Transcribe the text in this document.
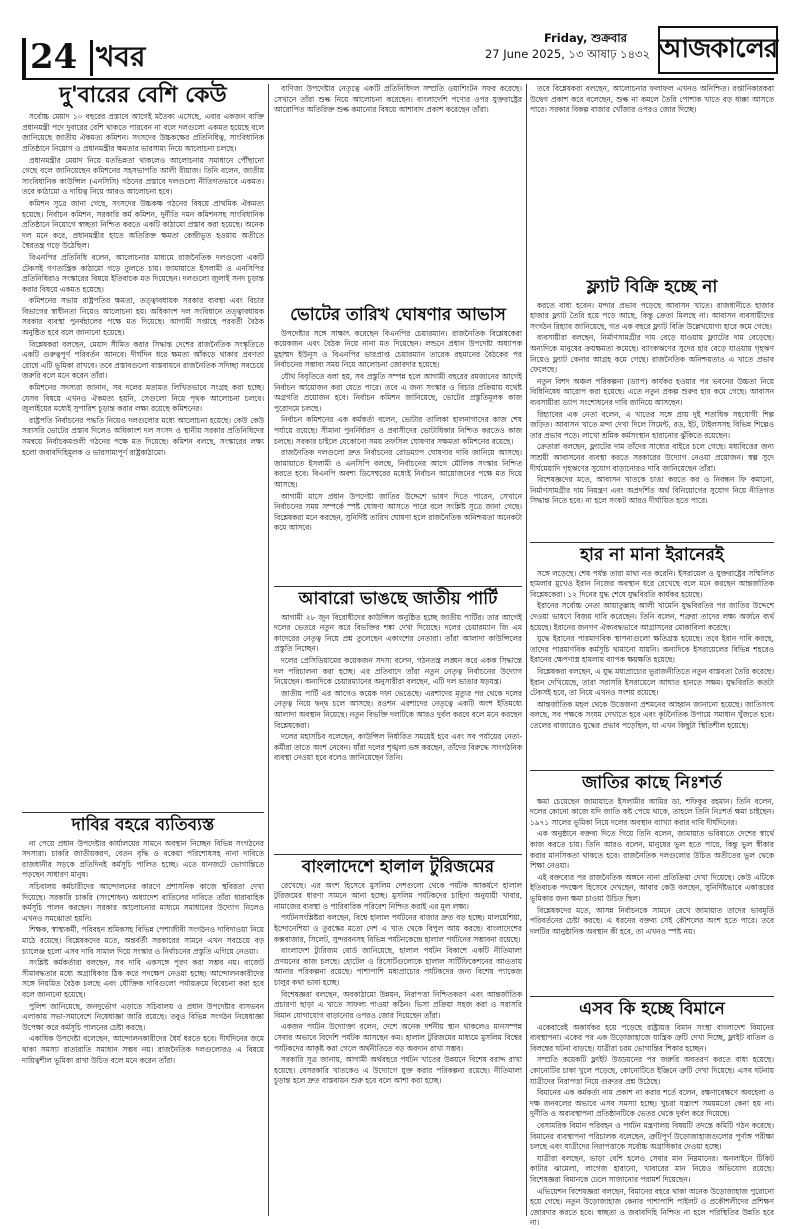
24 খবর
Friday, শুক্রবার
27 June 2025, ১৩ আষাঢ় ১৪৩২ আজকালের
দু'বারের বেশি কেউ

সর্বোচ্চ মেয়াদ ১০ বছরের প্রস্তাবে আগেই মতৈক্য এসেছে, এবার একজন ব্যক্তি প্রধানমন্ত্রী পদে দুবারের বেশি থাকতে পারবেন না বলে দলগুলো একমত হয়েছে বলে জানিয়েছে জাতীয় ঐকমত্য কমিশন। সংসদের উচ্চকক্ষের প্রতিনিধিত্ব, সাংবিধানিক প্রতিষ্ঠানে নিয়োগ ও প্রধানমন্ত্রীর ক্ষমতার ভারসাম্য নিয়ে আলোচনা চলছে।

প্রধানমন্ত্রীর মেয়াদ নিয়ে মতভিন্নতা থাকলেও আলোচনায় সমাধানে পৌঁছানো গেছে বলে জানিয়েছেন কমিশনের সহসভাপতি আলী রীয়াজ। তিনি বলেন, জাতীয় সাংবিধানিক কাউন্সিল (এনসিসি) গঠনের প্রস্তাবে দলগুলো নীতিগতভাবে একমত। তবে কাঠামো ও দায়িত্ব নিয়ে আরও আলোচনা হবে।

কমিশন সূত্রে জানা গেছে, সংসদের উচ্চকক্ষ গঠনের বিষয়ে প্রাথমিক ঐকমত্য হয়েছে। নির্বাচন কমিশন, সরকারি কর্ম কমিশন, দুর্নীতি দমন কমিশনসহ সাংবিধানিক প্রতিষ্ঠানে নিয়োগে স্বচ্ছতা নিশ্চিত করতে একটি কাঠামো প্রস্তাব করা হয়েছে। অনেক দল মনে করে, প্রধানমন্ত্রীর হাতে অতিরিক্ত ক্ষমতা কেন্দ্রীভূত হওয়ায় অতীতে স্বৈরতন্ত্র গড়ে উঠেছিল।

বিএনপির প্রতিনিধি বলেন, আলোচনার মাধ্যমে রাজনৈতিক দলগুলো একটি টেকসই গণতান্ত্রিক কাঠামো গড়ে তুলতে চায়। জামায়াতে ইসলামী ও এনসিপির প্রতিনিধিরাও সংস্কারের বিষয়ে ইতিবাচক মত দিয়েছেন। দলগুলো জুলাই সনদ চূড়ান্ত করার বিষয়ে একমত হয়েছে।

কমিশনের সভায় রাষ্ট্রপতির ক্ষমতা, তত্ত্বাবধায়ক সরকার ব্যবস্থা এবং বিচার বিভাগের স্বাধীনতা নিয়েও আলোচনা হয়। অধিকাংশ দল সংবিধানে তত্ত্বাবধায়ক সরকার ব্যবস্থা পুনর্বহালের পক্ষে মত দিয়েছে। আগামী সপ্তাহে পরবর্তী বৈঠক অনুষ্ঠিত হবে বলে জানানো হয়েছে।

বিশ্লেষকরা বলছেন, মেয়াদ সীমিত করার সিদ্ধান্ত দেশের রাজনৈতিক সংস্কৃতিতে একটি গুরুত্বপূর্ণ পরিবর্তন আনবে। দীর্ঘদিন ধরে ক্ষমতা আঁকড়ে থাকার প্রবণতা রোধে এটি ভূমিকা রাখবে। তবে প্রস্তাবগুলো বাস্তবায়নে রাজনৈতিক সদিচ্ছা সবচেয়ে জরুরি বলে মনে করেন তাঁরা।

কমিশনের সদস্যরা জানান, সব দলের মতামত লিখিতভাবে সংগ্রহ করা হচ্ছে। যেসব বিষয়ে এখনও ঐকমত্য হয়নি, সেগুলো নিয়ে পৃথক আলোচনা চলবে। জুলাইয়ের মধ্যেই সুপারিশ চূড়ান্ত করার লক্ষ্য রয়েছে কমিশনের।

রাষ্ট্রপতি নির্বাচনের পদ্ধতি নিয়েও দলগুলোর মধ্যে আলোচনা হয়েছে। কেউ কেউ সরাসরি ভোটের প্রস্তাব দিলেও অধিকাংশ দল সংসদ ও স্থানীয় সরকার প্রতিনিধিদের সমন্বয়ে নির্বাচকমণ্ডলী গঠনের পক্ষে মত দিয়েছে। কমিশন বলছে, সংস্কারের লক্ষ্য হলো জবাবদিহিমূলক ও ভারসাম্যপূর্ণ রাষ্ট্রকাঠামো।

দাবির বহরে ব্যতিব্যস্ত

না পেয়ে প্রধান উপদেষ্টার কার্যালয়ের সামনে অবস্থান নিচ্ছেন বিভিন্ন সংগঠনের সদস্যরা। চাকরি জাতীয়করণ, বেতন বৃদ্ধি ও বকেয়া পরিশোধসহ নানা দাবিতে রাজধানীর সড়কে প্রতিদিনই কর্মসূচি পালিত হচ্ছে। এতে যানজটে ভোগান্তিতে পড়ছেন সাধারণ মানুষ।

সচিবালয় কর্মচারীদের আন্দোলনের কারণে প্রশাসনিক কাজে স্থবিরতা দেখা দিয়েছে। সরকারি চাকরি (সংশোধন) অধ্যাদেশ বাতিলের দাবিতে তাঁরা ধারাবাহিক কর্মসূচি পালন করছেন। সরকার আলোচনার মাধ্যমে সমাধানের উদ্যোগ নিলেও এখনও সমঝোতা হয়নি।

শিক্ষক, স্বাস্থ্যকর্মী, পরিবহন শ্রমিকসহ বিভিন্ন পেশাজীবী সংগঠনও দাবিদাওয়া নিয়ে মাঠে রয়েছে। বিশ্লেষকদের মতে, অন্তর্বর্তী সরকারের সামনে এখন সবচেয়ে বড় চ্যালেঞ্জ হলো এসব দাবি সামাল দিয়ে সংস্কার ও নির্বাচনের প্রস্তুতি এগিয়ে নেওয়া।

সংশ্লিষ্ট কর্মকর্তারা বলছেন, সব দাবি একসঙ্গে পূরণ করা সম্ভব নয়। বাজেট সীমাবদ্ধতার মধ্যে অগ্রাধিকার ঠিক করে পদক্ষেপ নেওয়া হচ্ছে। আন্দোলনকারীদের সঙ্গে নিয়মিত বৈঠক চলছে এবং যৌক্তিক দাবিগুলো পর্যায়ক্রমে বিবেচনা করা হবে বলে জানানো হয়েছে।

পুলিশ জানিয়েছে, জনদুর্ভোগ এড়াতে সচিবালয় ও প্রধান উপদেষ্টার বাসভবন এলাকায় সভা-সমাবেশে নিষেধাজ্ঞা জারি রয়েছে। তবুও বিভিন্ন সংগঠন নিষেধাজ্ঞা উপেক্ষা করে কর্মসূচি পালনের চেষ্টা করছে।

একাধিক উপদেষ্টা বলেছেন, আন্দোলনকারীদের ধৈর্য ধরতে হবে। দীর্ঘদিনের জমে থাকা সমস্যা রাতারাতি সমাধান সম্ভব নয়। রাজনৈতিক দলগুলোরও এ বিষয়ে দায়িত্বশীল ভূমিকা রাখা উচিত বলে মনে করেন তাঁরা।

বাণিজ্য উপদেষ্টার নেতৃত্বে একটি প্রতিনিধিদল সম্প্রতি ওয়াশিংটন সফর করেছে। সেখানে তাঁরা শুল্ক নিয়ে আলোচনা করেছেন। বাংলাদেশি পণ্যের ওপর যুক্তরাষ্ট্রের আরোপিত অতিরিক্ত শুল্ক কমানোর বিষয়ে আশাবাদ প্রকাশ করেছেন তাঁরা।

ভোটের তারিখ ঘোষণার আভাস

উপদেষ্টার সঙ্গে সাক্ষাৎ করেছেন বিএনপির চেয়ারম্যান। রাজনৈতিক বিশ্লেষকেরা কয়েকজন এবং বৈঠক নিয়ে নানা মত দিয়েছেন। লন্ডনে প্রধান উপদেষ্টা অধ্যাপক মুহাম্মদ ইউনূস ও বিএনপির ভারপ্রাপ্ত চেয়ারম্যান তারেক রহমানের বৈঠকের পর নির্বাচনের সম্ভাব্য সময় নিয়ে আলোচনা জোরদার হয়েছে।

যৌথ বিবৃতিতে বলা হয়, সব প্রস্তুতি সম্পন্ন হলে আগামী বছরের রমজানের আগেই নির্বাচন আয়োজন করা যেতে পারে। তবে এ জন্য সংস্কার ও বিচার প্রক্রিয়ায় যথেষ্ট অগ্রগতি প্রয়োজন হবে। নির্বাচন কমিশন জানিয়েছে, ভোটের প্রস্তুতিমূলক কাজ পুরোদমে চলছে।

নির্বাচন কমিশনের এক কর্মকর্তা বলেন, ভোটার তালিকা হালনাগাদের কাজ শেষ পর্যায়ে রয়েছে। সীমানা পুনর্নির্ধারণ ও প্রবাসীদের ভোটাধিকার নিশ্চিত করতেও কাজ চলছে। সরকার চাইলে যেকোনো সময় তফসিল ঘোষণার সক্ষমতা কমিশনের রয়েছে।

রাজনৈতিক দলগুলো দ্রুত নির্বাচনের রোডম্যাপ ঘোষণার দাবি জানিয়ে আসছে। জামায়াতে ইসলামী ও এনসিপি বলছে, নির্বাচনের আগে মৌলিক সংস্কার নিশ্চিত করতে হবে। বিএনপি অবশ্য ডিসেম্বরের মধ্যেই নির্বাচন আয়োজনের পক্ষে মত দিয়ে আসছে।

আগামী মাসে প্রধান উপদেষ্টা জাতির উদ্দেশে ভাষণ দিতে পারেন, সেখানে নির্বাচনের সময় সম্পর্কে স্পষ্ট ঘোষণা আসতে পারে বলে সংশ্লিষ্ট সূত্রে জানা গেছে। বিশ্লেষকরা মনে করছেন, সুনির্দিষ্ট তারিখ ঘোষণা হলে রাজনৈতিক অনিশ্চয়তা অনেকটা কমে আসবে।

আবারো ভাঙছে জাতীয় পার্টি

আগামী ২৮ জুন বিরোধীদের কাউন্সিল অনুষ্ঠিত হচ্ছে জাতীয় পার্টির। তার আগেই দলের ভেতরে নতুন করে বিভক্তির শঙ্কা দেখা দিয়েছে। দলের চেয়ারম্যান জি এম কাদেরের নেতৃত্ব নিয়ে প্রশ্ন তুলেছেন একাংশের নেতারা। তাঁরা আলাদা কাউন্সিলের প্রস্তুতি নিচ্ছেন।

দলের প্রেসিডিয়ামের কয়েকজন সদস্য বলেন, গঠনতন্ত্র লঙ্ঘন করে একক সিদ্ধান্তে দল পরিচালনা করা হচ্ছে। এর প্রতিবাদে তাঁরা নতুন নেতৃত্ব নির্বাচনের উদ্যোগ নিয়েছেন। অন্যদিকে চেয়ারম্যানের অনুসারীরা বলছেন, এটি দল ভাঙার ষড়যন্ত্র।

জাতীয় পার্টি এর আগেও কয়েক দফা ভেঙেছে। এরশাদের মৃত্যুর পর থেকে দলের নেতৃত্ব নিয়ে দ্বন্দ্ব চলে আসছে। রওশন এরশাদের নেতৃত্বে একটি অংশ ইতিমধ্যে আলাদা অবস্থান নিয়েছে। নতুন বিভক্তি দলটিকে আরও দুর্বল করবে বলে মনে করছেন বিশ্লেষকেরা।

দলের মহাসচিব বলেছেন, কাউন্সিল নির্ধারিত সময়েই হবে এবং সব পর্যায়ের নেতা-কর্মীরা তাতে অংশ নেবেন। যাঁরা দলের শৃঙ্খলা ভঙ্গ করছেন, তাঁদের বিরুদ্ধে সাংগঠনিক ব্যবস্থা নেওয়া হবে বলেও জানিয়েছেন তিনি।

বাংলাদেশে হালাল টুরিজমের

রেখেছে। এর অংশ হিসেবে মুসলিম দেশগুলো থেকে পর্যটক আকর্ষণে হালাল টুরিজমের ধারণা সামনে আনা হচ্ছে। মুসলিম পর্যটকদের চাহিদা অনুযায়ী খাবার, নামাজের ব্যবস্থা ও পারিবারিক পরিবেশ নিশ্চিত করাই এর মূল লক্ষ্য।

পর্যটনসংশ্লিষ্টরা বলছেন, বিশ্বে হালাল পর্যটনের বাজার দ্রুত বড় হচ্ছে। মালয়েশিয়া, ইন্দোনেশিয়া ও তুরস্কের মতো দেশ এ খাত থেকে বিপুল আয় করছে। বাংলাদেশের কক্সবাজার, সিলেট, সুন্দরবনসহ বিভিন্ন পর্যটনকেন্দ্রে হালাল পর্যটনের সম্ভাবনা রয়েছে।

বাংলাদেশ ট্যুরিজম বোর্ড জানিয়েছে, হালাল পর্যটন বিকাশে একটি নীতিমালা প্রণয়নের কাজ চলছে। হোটেল ও রিসোর্টগুলোকে হালাল সার্টিফিকেশনের আওতায় আনার পরিকল্পনা রয়েছে। পাশাপাশি মধ্যপ্রাচ্যের পর্যটকদের জন্য বিশেষ প্যাকেজ চালুর কথা ভাবা হচ্ছে।

বিশেষজ্ঞরা বলছেন, অবকাঠামো উন্নয়ন, নিরাপত্তা নিশ্চিতকরণ এবং আন্তর্জাতিক প্রচারণা ছাড়া এ খাতে সাফল্য পাওয়া কঠিন। ভিসা প্রক্রিয়া সহজ করা ও সরাসরি বিমান যোগাযোগ বাড়ানোর ওপরও জোর দিয়েছেন তাঁরা।

একজন পর্যটন উদ্যোক্তা বলেন, দেশে অনেক দর্শনীয় স্থান থাকলেও মানসম্পন্ন সেবার অভাবে বিদেশি পর্যটক আসছেন কম। হালাল টুরিজমের মাধ্যমে মুসলিম বিশ্বের পর্যটকদের আকৃষ্ট করা গেলে অর্থনীতিতে বড় অবদান রাখা সম্ভব।

সরকারি সূত্র জানায়, আগামী অর্থবছরে পর্যটন খাতের উন্নয়নে বিশেষ বরাদ্দ রাখা হয়েছে। বেসরকারি খাতকেও এ উদ্যোগে যুক্ত করার পরিকল্পনা রয়েছে। নীতিমালা চূড়ান্ত হলে দ্রুত বাস্তবায়ন শুরু হবে বলে আশা করা হচ্ছে।

তবে বিশ্লেষকরা বলছেন, আলোচনার ফলাফল এখনও অনিশ্চিত। রপ্তানিকারকরা উদ্বেগ প্রকাশ করে বলেছেন, শুল্ক না কমলে তৈরি পোশাক খাতে বড় ধাক্কা আসতে পারে। সরকার বিকল্প বাজার খোঁজার ওপরও জোর দিচ্ছে।

ফ্ল্যাট বিক্রি হচ্ছে না

করতে বাধ্য হবেন। মন্দার প্রভাব পড়েছে আবাসন খাতে। রাজধানীতে হাজার হাজার ফ্ল্যাট তৈরি হয়ে পড়ে আছে, কিন্তু ক্রেতা মিলছে না। আবাসন ব্যবসায়ীদের সংগঠন রিহ্যাব জানিয়েছে, গত এক বছরে ফ্ল্যাট বিক্রি উল্লেখযোগ্য হারে কমে গেছে।

ব্যবসায়ীরা বলছেন, নির্মাণসামগ্রীর দাম বেড়ে যাওয়ায় ফ্ল্যাটের দাম বেড়েছে। অন্যদিকে মানুষের ক্রয়ক্ষমতা কমেছে। ব্যাংকঋণের সুদের হার বেড়ে যাওয়ায় গৃহঋণ নিয়েও ফ্ল্যাট কেনার আগ্রহ কমে গেছে। রাজনৈতিক অনিশ্চয়তাও এ খাতে প্রভাব ফেলেছে।

নতুন বিশদ অঞ্চল পরিকল্পনা (ড্যাপ) কার্যকর হওয়ার পর ভবনের উচ্চতা নিয়ে বিধিনিষেধ আরোপ করা হয়েছে। এতে নতুন প্রকল্প শুরুর হার কমে গেছে। আবাসন ব্যবসায়ীরা ড্যাপ সংশোধনের দাবি জানিয়ে আসছেন।

রিহ্যাবের এক নেতা বলেন, এ খাতের সঙ্গে প্রায় দুই শতাধিক সহযোগী শিল্প জড়িত। আবাসন খাতে মন্দা দেখা দিলে সিমেন্ট, রড, ইট, টাইলসসহ বিভিন্ন শিল্পেও তার প্রভাব পড়ে। লাখো শ্রমিক কর্মসংস্থান হারানোর ঝুঁকিতে রয়েছেন।

ক্রেতারা বলছেন, ফ্ল্যাটের দাম তাঁদের সাধ্যের বাইরে চলে গেছে। মধ্যবিত্তের জন্য সাশ্রয়ী আবাসনের ব্যবস্থা করতে সরকারের উদ্যোগ নেওয়া প্রয়োজন। স্বল্প সুদে দীর্ঘমেয়াদি গৃহঋণের সুযোগ বাড়ানোরও দাবি জানিয়েছেন তাঁরা।

বিশেষজ্ঞদের মতে, আবাসন খাতকে চাঙা করতে কর ও নিবন্ধন ফি কমানো, নির্মাণসামগ্রীর দাম নিয়ন্ত্রণ এবং অপ্রদর্শিত অর্থ বিনিয়োগের সুযোগ নিয়ে নীতিগত সিদ্ধান্ত নিতে হবে। না হলে সংকট আরও দীর্ঘায়িত হতে পারে।

হার না মানা ইরানেরই

সঙ্গে লড়েছে। শেষ পর্যন্ত তারা মাথা নত করেনি। ইসরায়েল ও যুক্তরাষ্ট্রের সম্মিলিত হামলার মুখেও ইরান নিজের অবস্থান ধরে রেখেছে বলে মনে করছেন আন্তর্জাতিক বিশ্লেষকেরা। ১২ দিনের যুদ্ধ শেষে যুদ্ধবিরতি কার্যকর হয়েছে।

ইরানের সর্বোচ্চ নেতা আয়াতুল্লাহ আলী খামেনি যুদ্ধবিরতির পর জাতির উদ্দেশে দেওয়া ভাষণে বিজয় দাবি করেছেন। তিনি বলেন, শত্রুরা তাদের লক্ষ্য অর্জনে ব্যর্থ হয়েছে। ইরানের জনগণ ঐক্যবদ্ধভাবে আগ্রাসনের মোকাবিলা করেছে।

যুদ্ধে ইরানের পারমাণবিক স্থাপনাগুলো ক্ষতিগ্রস্ত হয়েছে। তবে ইরান দাবি করছে, তাদের পারমাণবিক কর্মসূচি থামানো যায়নি। অন্যদিকে ইসরায়েলের বিভিন্ন শহরেও ইরানের ক্ষেপণাস্ত্র হামলায় ব্যাপক ক্ষয়ক্ষতি হয়েছে।

বিশ্লেষকরা বলছেন, এ যুদ্ধ মধ্যপ্রাচ্যের ভূরাজনীতিতে নতুন বাস্তবতা তৈরি করেছে। ইরান দেখিয়েছে, তারা সরাসরি ইসরায়েলে আঘাত হানতে সক্ষম। যুদ্ধবিরতি কতটা টেকসই হবে, তা নিয়ে এখনও সংশয় রয়েছে।

আন্তর্জাতিক মহল থেকে উত্তেজনা প্রশমনের আহ্বান জানানো হয়েছে। জাতিসংঘ বলছে, সব পক্ষকে সংযম দেখাতে হবে এবং কূটনৈতিক উপায়ে সমাধান খুঁজতে হবে। তেলের বাজারেও যুদ্ধের প্রভাব পড়েছিল, যা এখন কিছুটা স্থিতিশীল হয়েছে।

জাতির কাছে নিঃশর্ত

ক্ষমা চেয়েছেন জামায়াতে ইসলামীর আমির ডা. শফিকুর রহমান। তিনি বলেন, দলের কোনো কাজে যদি জাতি কষ্ট পেয়ে থাকে, তাহলে তিনি নিঃশর্ত ক্ষমা চাইছেন। ১৯৭১ সালের ভূমিকা নিয়ে দলের অবস্থান ব্যাখ্যা করার দাবি দীর্ঘদিনের।

এক অনুষ্ঠানে বক্তব্য দিতে গিয়ে তিনি বলেন, জামায়াত ভবিষ্যতে দেশের স্বার্থে কাজ করতে চায়। তিনি আরও বলেন, মানুষের ভুল হতে পারে, কিন্তু ভুল স্বীকার করার মানসিকতা থাকতে হবে। রাজনৈতিক দলগুলোর উচিত অতীতের ভুল থেকে শিক্ষা নেওয়া।

এই বক্তব্যের পর রাজনৈতিক অঙ্গনে নানা প্রতিক্রিয়া দেখা দিয়েছে। কেউ এটিকে ইতিবাচক পদক্ষেপ হিসেবে দেখছেন, আবার কেউ বলছেন, সুনির্দিষ্টভাবে একাত্তরের ভূমিকার জন্য ক্ষমা চাওয়া উচিত ছিল।

বিশ্লেষকদের মতে, আসন্ন নির্বাচনকে সামনে রেখে জামায়াত তাদের ভাবমূর্তি পরিবর্তনের চেষ্টা করছে। এ ধরনের বক্তব্য সেই কৌশলের অংশ হতে পারে। তবে দলটির আনুষ্ঠানিক অবস্থান কী হবে, তা এখনও স্পষ্ট নয়।

এসব কি হচ্ছে বিমানে

একেবারেই অকার্যকর হয়ে পড়েছে রাষ্ট্রায়ত্ত বিমান সংস্থা বাংলাদেশ বিমানের ব্যবস্থাপনা। একের পর এক উড়োজাহাজে যান্ত্রিক ত্রুটি দেখা দিচ্ছে, ফ্লাইট বাতিল ও বিলম্বের ঘটনা বাড়ছে। যাত্রীরা চরম ভোগান্তির শিকার হচ্ছেন।

সম্প্রতি কয়েকটি ফ্লাইট উড্ডয়নের পর জরুরি অবতরণ করতে বাধ্য হয়েছে। কোনোটির চাকা খুলে পড়েছে, কোনোটিতে ইঞ্জিনে ত্রুটি দেখা দিয়েছে। এসব ঘটনায় যাত্রীদের নিরাপত্তা নিয়ে গুরুতর প্রশ্ন উঠেছে।

বিমানের এক কর্মকর্তা নাম প্রকাশ না করার শর্তে বলেন, রক্ষণাবেক্ষণে অবহেলা ও দক্ষ জনবলের অভাবে এসব সমস্যা হচ্ছে। খুচরা যন্ত্রাংশ সময়মতো কেনা হয় না। দুর্নীতি ও অব্যবস্থাপনা প্রতিষ্ঠানটিকে ভেতর থেকে দুর্বল করে দিয়েছে।

বেসামরিক বিমান পরিবহন ও পর্যটন মন্ত্রণালয় বিষয়টি তদন্তে কমিটি গঠন করেছে। বিমানের ব্যবস্থাপনা পরিচালক বলেছেন, ত্রুটিপূর্ণ উড়োজাহাজগুলোর পূর্ণাঙ্গ পরীক্ষা চলছে এবং যাত্রীদের নিরাপত্তাকে সর্বোচ্চ অগ্রাধিকার দেওয়া হচ্ছে।

যাত্রীরা বলছেন, ভাড়া বেশি হলেও সেবার মান নিম্নমানের। অনলাইনে টিকিট কাটার ঝামেলা, লাগেজ হারানো, খাবারের মান নিয়েও অভিযোগ রয়েছে। বিশেষজ্ঞরা বিমানকে ঢেলে সাজানোর পরামর্শ দিয়েছেন।

এভিয়েশন বিশেষজ্ঞরা বলছেন, বিমানের বহরে থাকা অনেক উড়োজাহাজ পুরোনো হয়ে গেছে। নতুন উড়োজাহাজ কেনার পাশাপাশি পাইলট ও প্রকৌশলীদের প্রশিক্ষণ জোরদার করতে হবে। স্বচ্ছতা ও জবাবদিহি নিশ্চিত না হলে পরিস্থিতির উন্নতি হবে না।
